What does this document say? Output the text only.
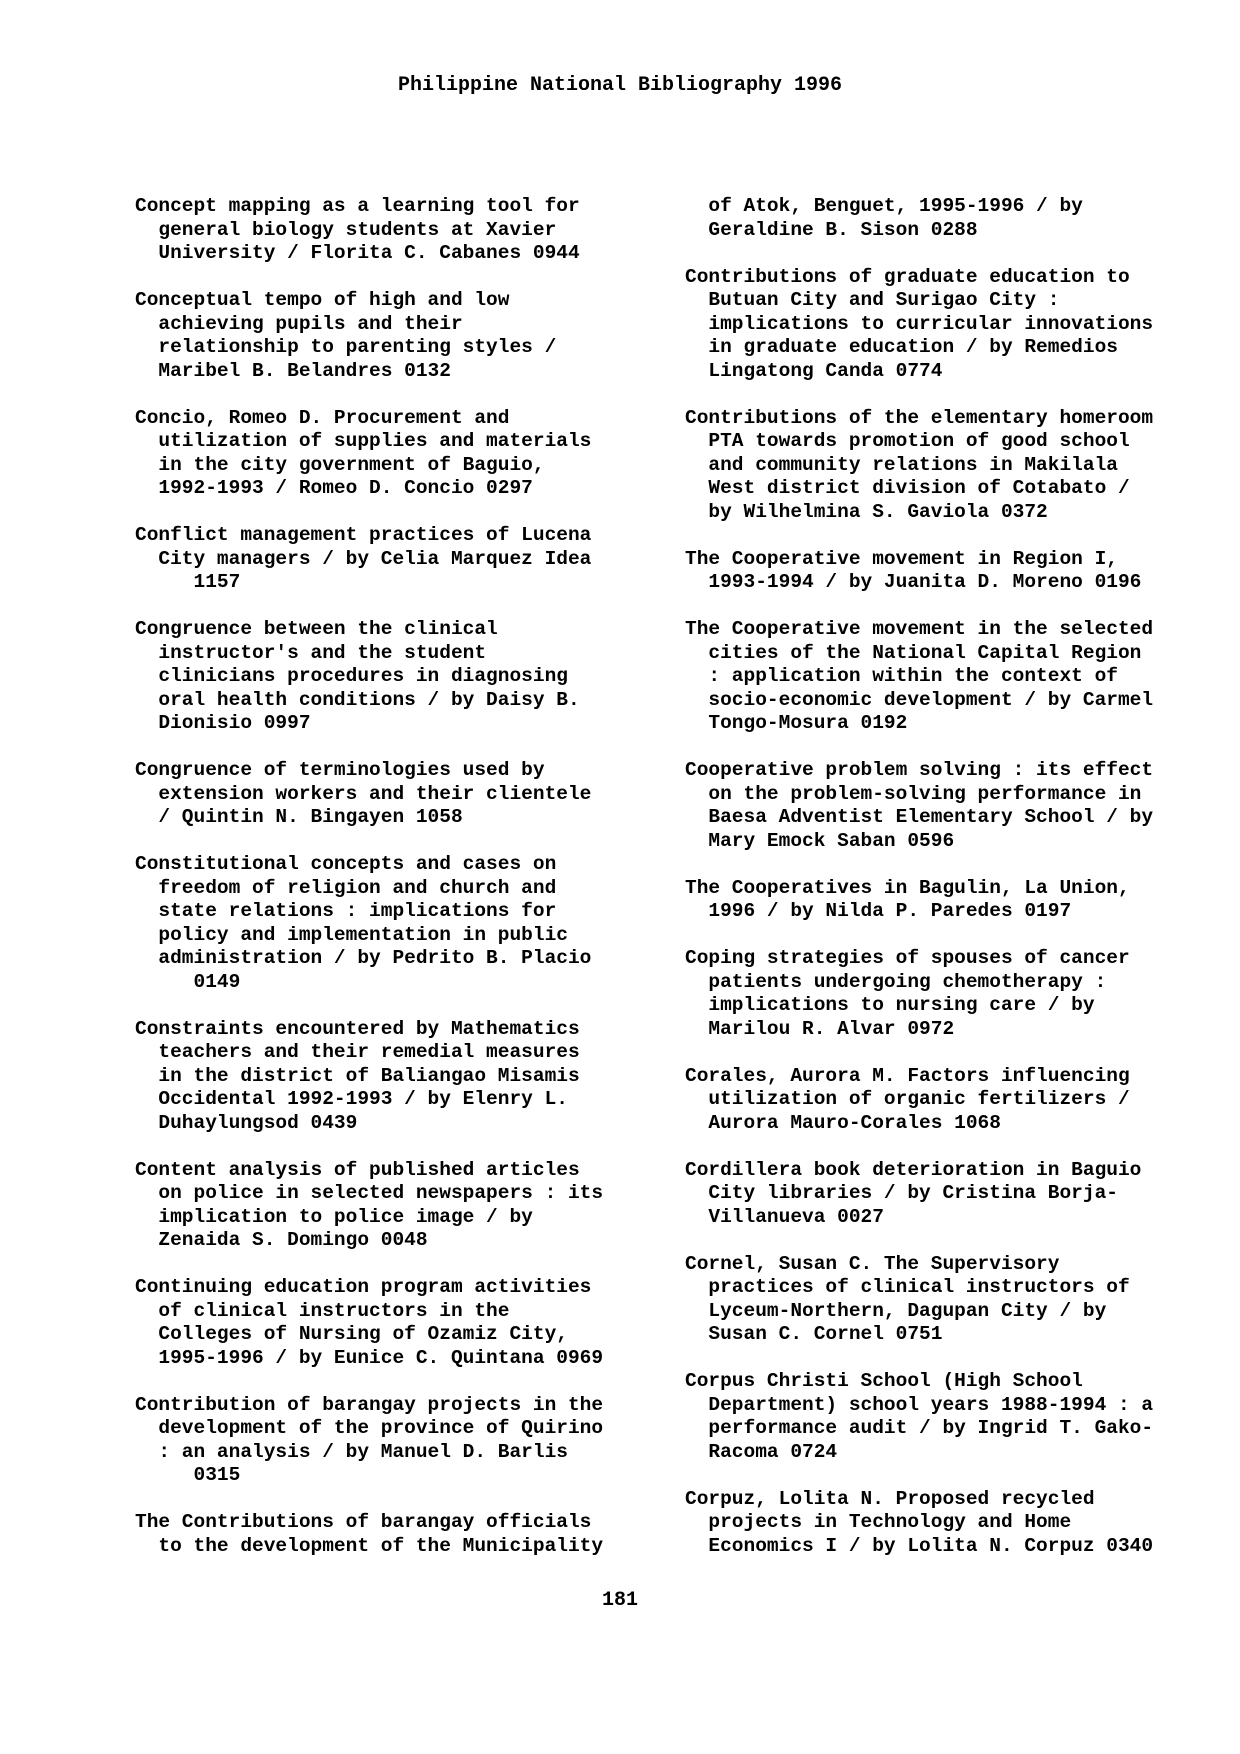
Philippine National Bibliography 1996
Concept mapping as a learning tool for
general biology students at Xavier
University / Florita C. Cabanes 0944
Conceptual tempo of high and low
achieving pupils and their
relationship to parenting styles /
Maribel B. Belandres 0132
Concio, Romeo D. Procurement and
utilization of supplies and materials
in the city government of Baguio,
1992-1993 / Romeo D. Concio 0297
Conflict management practices of Lucena
City managers / by Celia Marquez Idea
1157
Congruence between the clinical
instructor's and the student
clinicians procedures in diagnosing
oral health conditions / by Daisy B.
Dionisio 0997
Congruence of terminologies used by
extension workers and their clientele
/ Quintin N. Bingayen 1058
Constitutional concepts and cases on
freedom of religion and church and
state relations : implications for
policy and implementation in public
administration / by Pedrito B. Placio
0149
Constraints encountered by Mathematics
teachers and their remedial measures
in the district of Baliangao Misamis
Occidental 1992-1993 / by Elenry L.
Duhaylungsod 0439
Content analysis of published articles
on police in selected newspapers : its
implication to police image / by
Zenaida S. Domingo 0048
Continuing education program activities
of clinical instructors in the
Colleges of Nursing of Ozamiz City,
1995-1996 / by Eunice C. Quintana 0969
Contribution of barangay projects in the
development of the province of Quirino
: an analysis / by Manuel D. Barlis
0315
The Contributions of barangay officials
to the development of the Municipality
of Atok, Benguet, 1995-1996 / by
Geraldine B. Sison 0288
Contributions of graduate education to
Butuan City and Surigao City :
implications to curricular innovations
in graduate education / by Remedios
Lingatong Canda 0774
Contributions of the elementary homeroom
PTA towards promotion of good school
and community relations in Makilala
West district division of Cotabato /
by Wilhelmina S. Gaviola 0372
The Cooperative movement in Region I,
1993-1994 / by Juanita D. Moreno 0196
The Cooperative movement in the selected
cities of the National Capital Region
: application within the context of
socio-economic development / by Carmel
Tongo-Mosura 0192
Cooperative problem solving : its effect
on the problem-solving performance in
Baesa Adventist Elementary School / by
Mary Emock Saban 0596
The Cooperatives in Bagulin, La Union,
1996 / by Nilda P. Paredes 0197
Coping strategies of spouses of cancer
patients undergoing chemotherapy :
implications to nursing care / by
Marilou R. Alvar 0972
Corales, Aurora M. Factors influencing
utilization of organic fertilizers /
Aurora Mauro-Corales 1068
Cordillera book deterioration in Baguio
City libraries / by Cristina Borja-
Villanueva 0027
Cornel, Susan C. The Supervisory
practices of clinical instructors of
Lyceum-Northern, Dagupan City / by
Susan C. Cornel 0751
Corpus Christi School (High School
Department) school years 1988-1994 : a
performance audit / by Ingrid T. Gako-
Racoma 0724
Corpuz, Lolita N. Proposed recycled
projects in Technology and Home
Economics I / by Lolita N. Corpuz 0340
181
